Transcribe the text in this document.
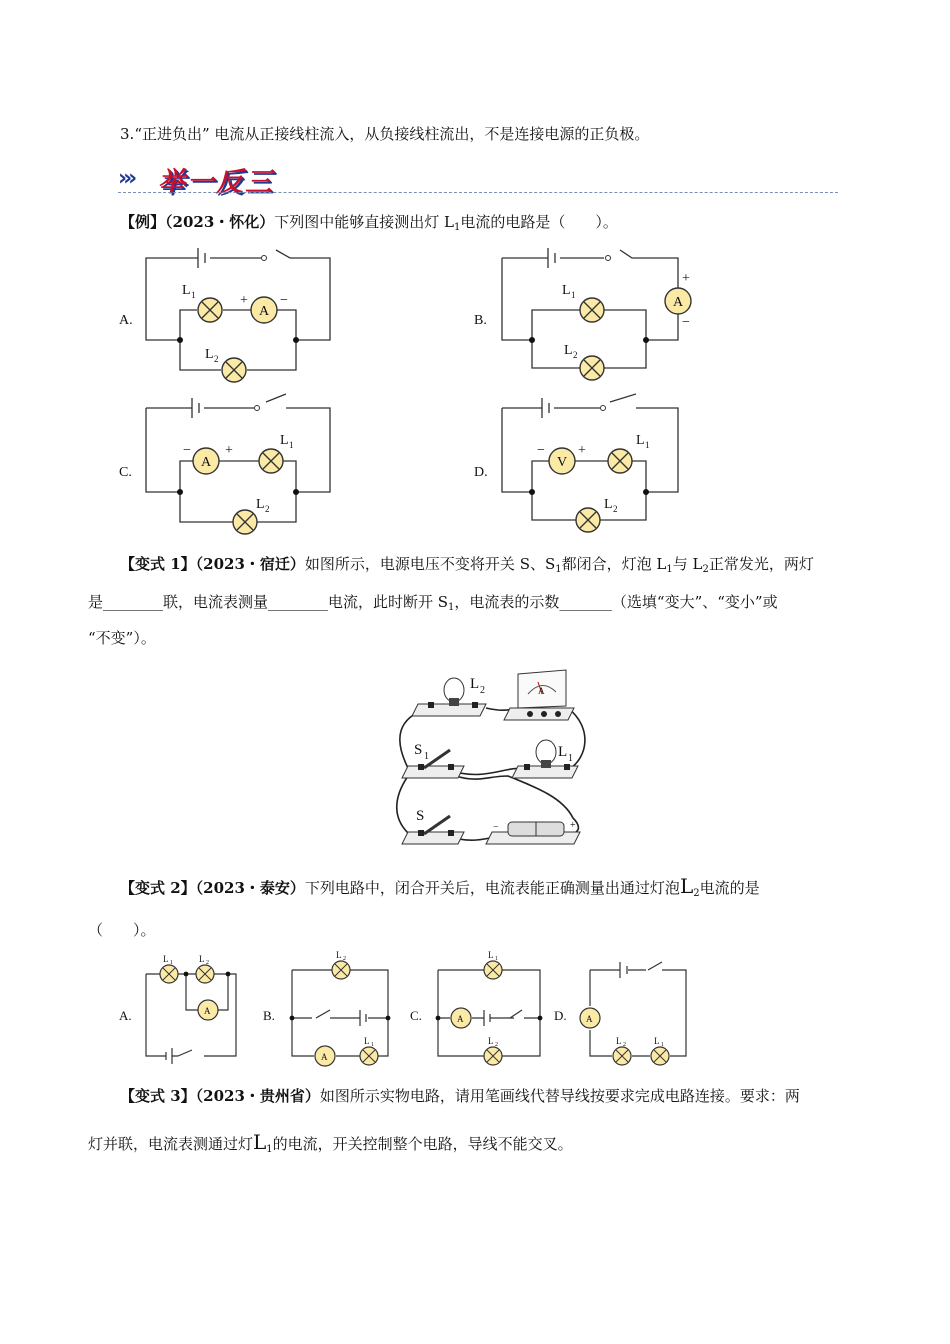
3.“正进负出” 电流从正接线柱流入，从负接线柱流出，不是连接电源的正负极。
››› 举一反三
【例】（2023・怀化）下列图中能够直接测出灯 $L_1$电流的电路是（　　）。
A.	B.
C.	D.
L 1
L 2
A
+ −
L 1
L 2
A
+
−
− +
A
L 1
L 2
− +
V
L 1
L 2
【变式 1】（2023・宿迁）如图所示，电源电压不变将开关 S、$S_1$都闭合，灯泡 $L_1$与 $L_2$正常发光，两灯
是________联，电流表测量________电流，此时断开 $S_1$，电流表的示数_______（选填“变大”、“变小”或
“不变”）。
L 2
L 1
S 1
S
A
−	+
【变式 2】（2023・泰安）下列电路中，闭合开关后，电流表能正确测量出通过灯泡$L_2$电流的是
（　　）。
A.	B.	C.	D.
L 1	L 2
A
L 2
A
L 1
L 1
A
L 2
A
L 2	L 1
【变式 3】（2023・贵州省）如图所示实物电路，请用笔画线代替导线按要求完成电路连接。要求：两
灯并联，电流表测通过灯$L_1$的电流，开关控制整个电路，导线不能交叉。
